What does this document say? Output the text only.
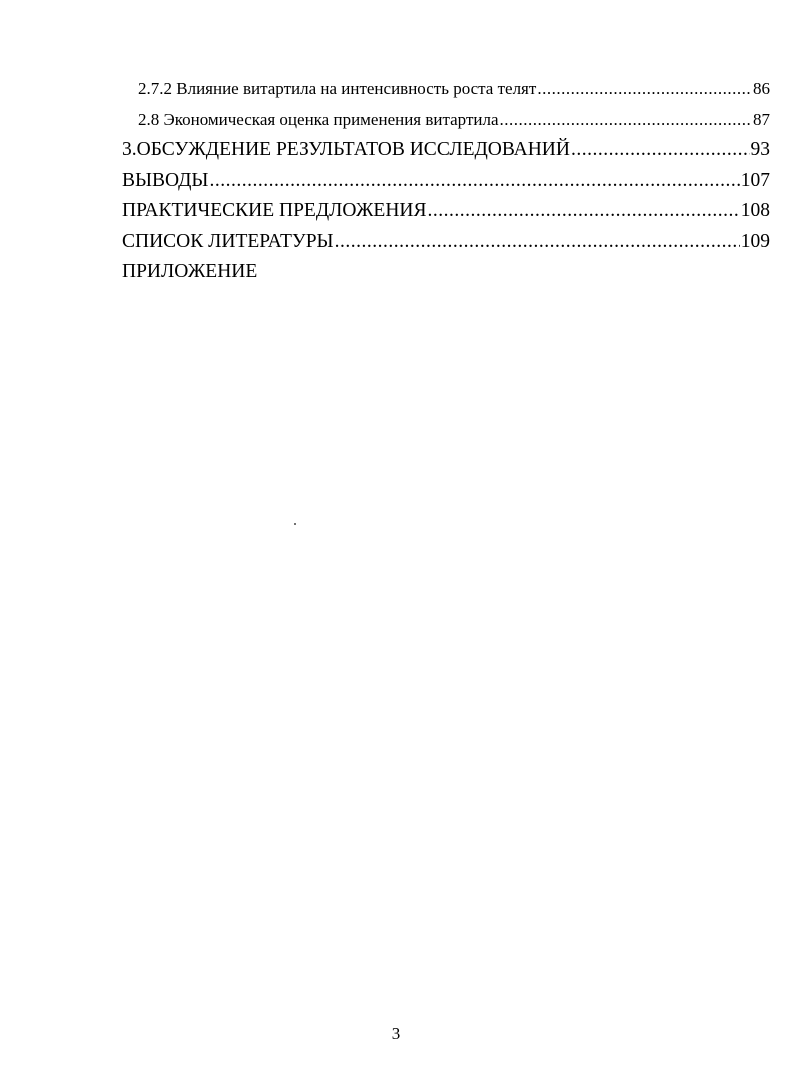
2.7.2 Влияние витартила на интенсивность роста телят .....	86
2.8 Экономическая оценка применения витартила .....	87
3.ОБСУЖДЕНИЕ РЕЗУЛЬТАТОВ ИССЛЕДОВАНИЙ .....	93
ВЫВОДЫ .....	107
ПРАКТИЧЕСКИЕ ПРЕДЛОЖЕНИЯ .....	108
СПИСОК ЛИТЕРАТУРЫ .....	109
ПРИЛОЖЕНИЕ
3
